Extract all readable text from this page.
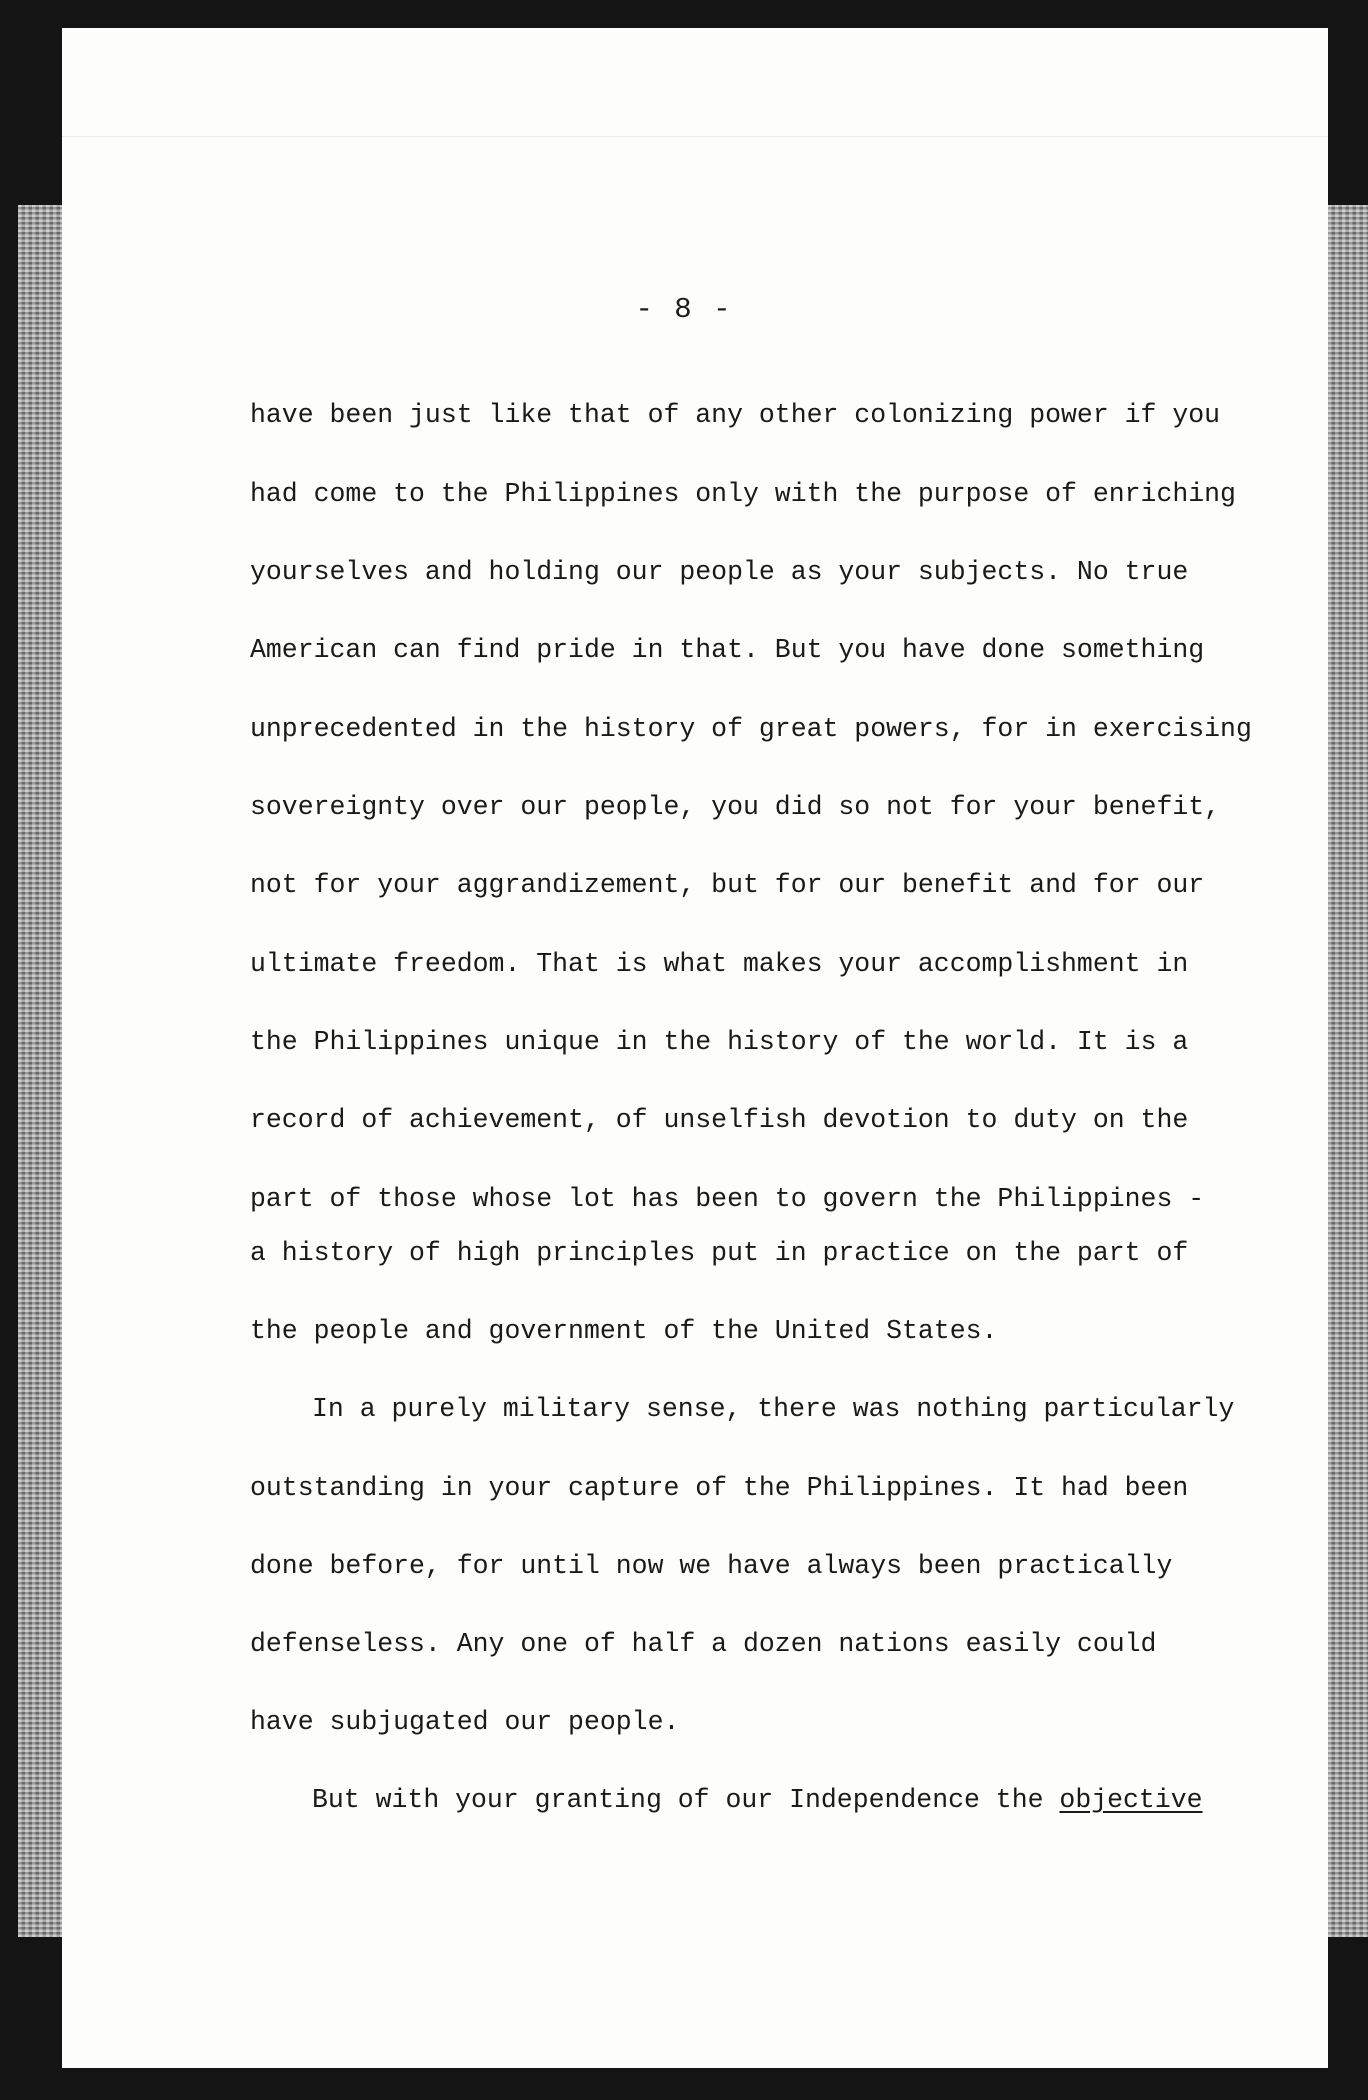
- 8 -
have been just like that of any other colonizing power if you
had come to the Philippines only with the purpose of enriching
yourselves and holding our people as your subjects. No true
American can find pride in that. But you have done something
unprecedented in the history of great powers, for in exercising
sovereignty over our people, you did so not for your benefit,
not for your aggrandizement, but for our benefit and for our
ultimate freedom. That is what makes your accomplishment in
the Philippines unique in the history of the world. It is a
record of achievement, of unselfish devotion to duty on the
part of those whose lot has been to govern the Philippines -
a history of high principles put in practice on the part of
the people and government of the United States.
In a purely military sense, there was nothing particularly
outstanding in your capture of the Philippines. It had been
done before, for until now we have always been practically
defenseless. Any one of half a dozen nations easily could
have subjugated our people.
But with your granting of our Independence the objective
